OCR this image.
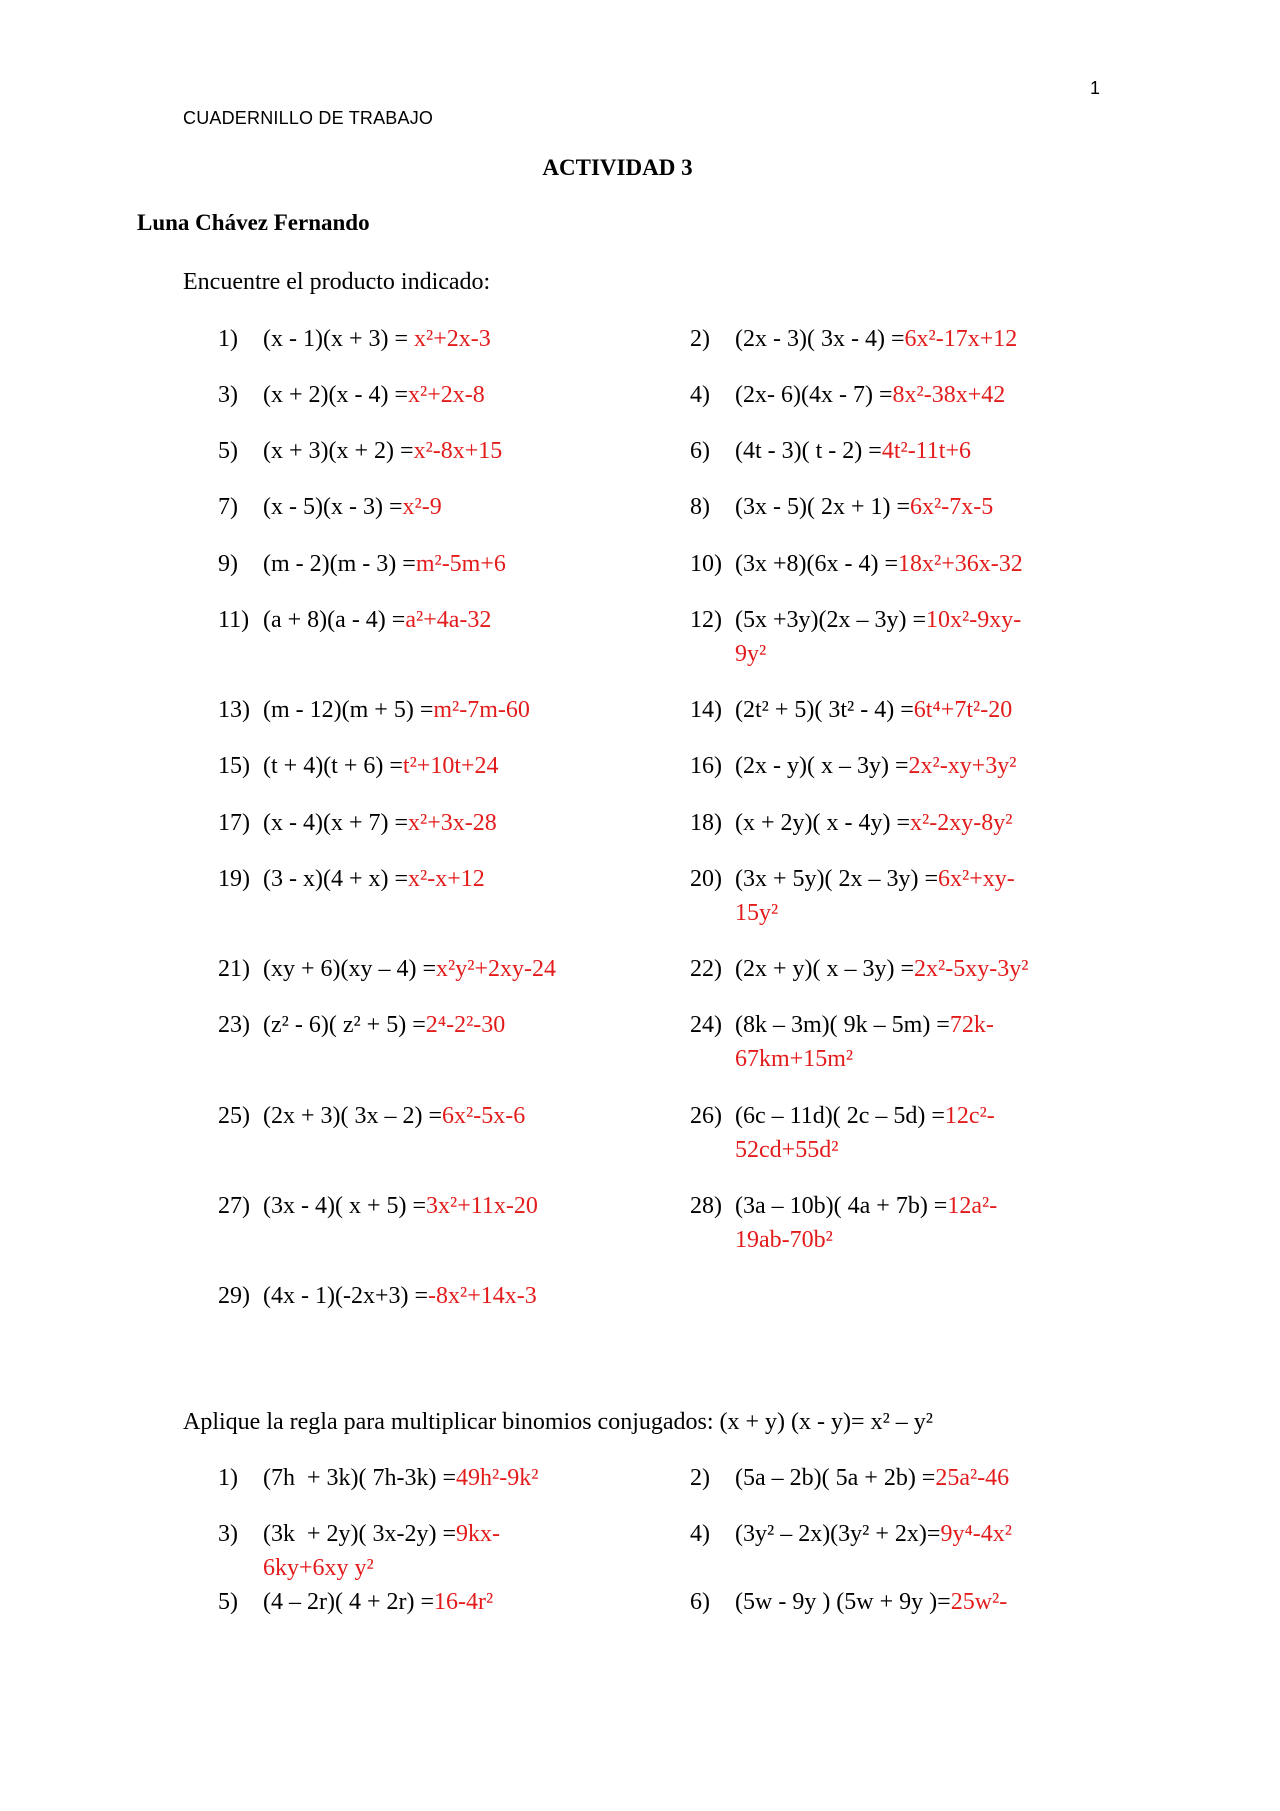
1
CUADERNILLO DE TRABAJO
ACTIVIDAD 3
Luna Chávez Fernando
Encuentre el producto indicado:
1) (x - 1)(x + 3) = x²+2x-3
3) (x + 2)(x - 4) =x²+2x-8
5) (x + 3)(x + 2) =x²-8x+15
7) (x - 5)(x - 3) =x²-9
9) (m - 2)(m - 3) =m²-5m+6
11) (a + 8)(a - 4) =a²+4a-32
13) (m - 12)(m + 5) =m²-7m-60
15) (t + 4)(t + 6) =t²+10t+24
17) (x - 4)(x + 7) =x²+3x-28
19) (3 - x)(4 + x) =x²-x+12
21) (xy + 6)(xy – 4) =x²y²+2xy-24
23) (z² - 6)( z² + 5) =2⁴-2²-30
25) (2x + 3)( 3x – 2) =6x²-5x-6
27) (3x - 4)( x + 5) =3x²+11x-20
29) (4x - 1)(-2x+3) =-8x²+14x-3
2) (2x - 3)( 3x - 4) =6x²-17x+12
4) (2x- 6)(4x - 7) =8x²-38x+42
6) (4t - 3)( t - 2) =4t²-11t+6
8) (3x - 5)( 2x + 1) =6x²-7x-5
10) (3x +8)(6x - 4) =18x²+36x-32
12) (5x +3y)(2x – 3y) =10x²-9xy-
9y²
14) (2t² + 5)( 3t² - 4) =6t⁴+7t²-20
16) (2x - y)( x – 3y) =2x²-xy+3y²
18) (x + 2y)( x - 4y) =x²-2xy-8y²
20) (3x + 5y)( 2x – 3y) =6x²+xy-
15y²
22) (2x + y)( x – 3y) =2x²-5xy-3y²
24) (8k – 3m)( 9k – 5m) =72k-
67km+15m²
26) (6c – 11d)( 2c – 5d) =12c²-
52cd+55d²
28) (3a – 10b)( 4a + 7b) =12a²-
19ab-70b²
Aplique la regla para multiplicar binomios conjugados: (x + y) (x - y)= x² – y²
1) (7h  + 3k)( 7h-3k) =49h²-9k²
3) (3k  + 2y)( 3x-2y) =9kx-
6ky+6xy y²
5) (4 – 2r)( 4 + 2r) =16-4r²
2) (5a – 2b)( 5a + 2b) =25a²-46
4) (3y² – 2x)(3y² + 2x)=9y⁴-4x²
6) (5w - 9y ) (5w + 9y )=25w²-
